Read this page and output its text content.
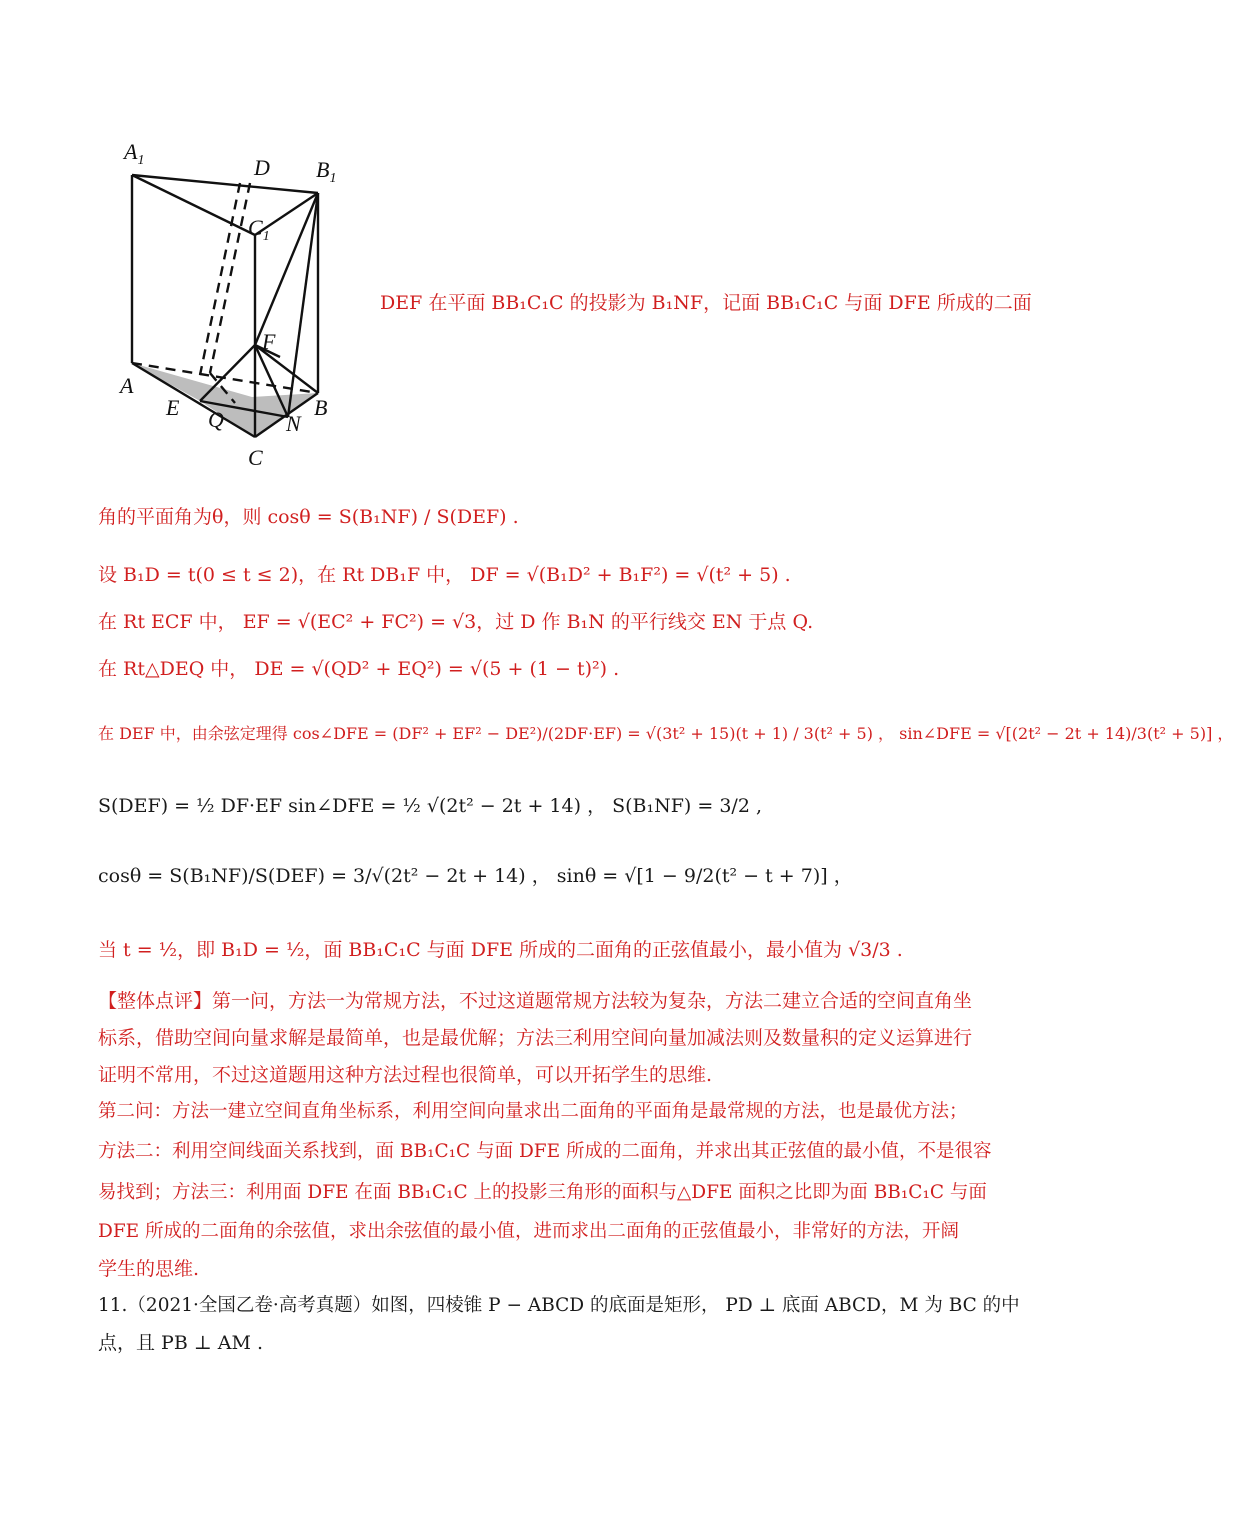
$A_1$	D $B_1$
$C_1$
F
A
E Q	N
B
C
DEF 在平面 BB₁C₁C 的投影为 B₁NF，记面 BB₁C₁C 与面 DFE 所成的二面
角的平面角为θ，则 cosθ = S(B₁NF) / S(DEF) .
设 B₁D = t(0 ≤ t ≤ 2)，在 Rt DB₁F 中， DF = √(B₁D² + B₁F²) = √(t² + 5) .
在 Rt ECF 中， EF = √(EC² + FC²) = √3，过 D 作 B₁N 的平行线交 EN 于点 Q.
在 Rt△DEQ 中， DE = √(QD² + EQ²) = √(5 + (1 − t)²) .
在 DEF 中，由余弦定理得 cos∠DFE = (DF² + EF² − DE²)/(2DF·EF) = √(3t² + 15)(t + 1) / 3(t² + 5) ， sin∠DFE = √[(2t² − 2t + 14)/3(t² + 5)] ，
S(DEF) = ½ DF·EF sin∠DFE = ½ √(2t² − 2t + 14) ， S(B₁NF) = 3/2 ,
cosθ = S(B₁NF)/S(DEF) = 3/√(2t² − 2t + 14) ， sinθ = √[1 − 9/2(t² − t + 7)] ，
当 t = ½，即 B₁D = ½，面 BB₁C₁C 与面 DFE 所成的二面角的正弦值最小，最小值为 √3/3 .
【整体点评】第一问，方法一为常规方法，不过这道题常规方法较为复杂，方法二建立合适的空间直角坐
标系，借助空间向量求解是最简单，也是最优解；方法三利用空间向量加减法则及数量积的定义运算进行
证明不常用，不过这道题用这种方法过程也很简单，可以开拓学生的思维.
第二问：方法一建立空间直角坐标系，利用空间向量求出二面角的平面角是最常规的方法，也是最优方法；
方法二：利用空间线面关系找到，面 BB₁C₁C 与面 DFE 所成的二面角，并求出其正弦值的最小值，不是很容
易找到；方法三：利用面 DFE 在面 BB₁C₁C 上的投影三角形的面积与△DFE 面积之比即为面 BB₁C₁C 与面
DFE 所成的二面角的余弦值，求出余弦值的最小值，进而求出二面角的正弦值最小，非常好的方法，开阔
学生的思维.
11.（2021·全国乙卷·高考真题）如图，四棱锥 P − ABCD 的底面是矩形， PD ⊥ 底面 ABCD，M 为 BC 的中
点，且 PB ⊥ AM .
